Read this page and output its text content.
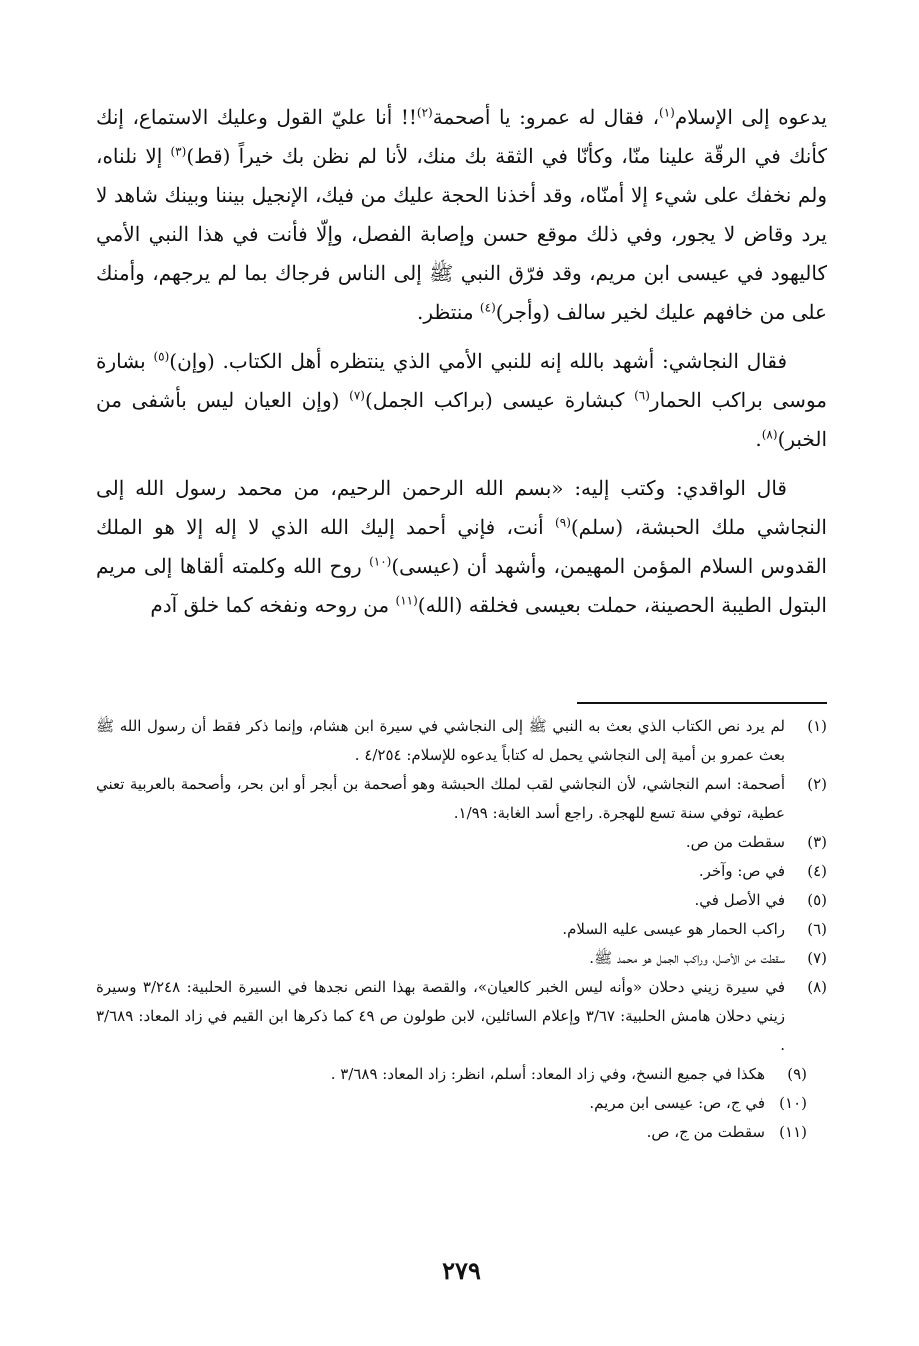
يدعوه إلى الإسلام$^{(١)}$، فقال له عمرو: يا أصحمة$^{(٢)}$!! أنا عليّ القول وعليك الاستماع، إنك كأنك في الرقّة علينا منّا، وكأنّا في الثقة بك منك، لأنا لم نظن بك خيراً (قط)$^{(٣)}$ إلا نلناه، ولم نخفك على شيء إلا أمنّاه، وقد أخذنا الحجة عليك من فيك، الإنجيل بيننا وبينك شاهد لا يرد وقاض لا يجور، وفي ذلك موقع حسن وإصابة الفصل، وإلّا فأنت في هذا النبي الأمي كاليهود في عيسى ابن مريم، وقد فرّق النبي ﷺ إلى الناس فرجاك بما لم يرجهم، وأمنك على من خافهم عليك لخير سالف (وأجر)$^{(٤)}$ منتظر.

فقال النجاشي: أشهد بالله إنه للنبي الأمي الذي ينتظره أهل الكتاب. (وإن)$^{(٥)}$ بشارة موسى براكب الحمار$^{(٦)}$ كبشارة عيسى (براكب الجمل)$^{(٧)}$ (وإن العيان ليس بأشفى من الخبر)$^{(٨)}$.

قال الواقدي: وكتب إليه: «بسم الله الرحمن الرحيم، من محمد رسول الله إلى النجاشي ملك الحبشة، (سلم)$^{(٩)}$ أنت، فإني أحمد إليك الله الذي لا إله إلا هو الملك القدوس السلام المؤمن المهيمن، وأشهد أن (عيسى)$^{(١٠)}$ روح الله وكلمته ألقاها إلى مريم البتول الطيبة الحصينة، حملت بعيسى فخلقه (الله)$^{(١١)}$ من روحه ونفخه كما خلق آدم

(١)
لم يرد نص الكتاب الذي بعث به النبي ﷺ إلى النجاشي في سيرة ابن هشام، وإنما ذكر فقط أن رسول الله ﷺ بعث عمرو بن أمية إلى النجاشي يحمل له كتاباً يدعوه للإسلام: ٤/٢٥٤ .
(٢)
أصحمة: اسم النجاشي، لأن النجاشي لقب لملك الحبشة وهو أصحمة بن أبجر أو ابن بحر، وأصحمة بالعربية تعني عطية، توفي سنة تسع للهجرة. راجع أسد الغابة: ١/٩٩.
(٣)
سقطت من ص.
(٤)
في ص: وآخر.
(٥)
في الأصل في.
(٦)
راكب الحمار هو عيسى عليه السلام.
(٧)
سقطت من الأصل، وراكب الجمل هو محمد ﷺ.
(٨)
في سيرة زيني دحلان «وأنه ليس الخبر كالعيان»، والقصة بهذا النص نجدها في السيرة الحلبية: ٣/٢٤٨ وسيرة زيني دحلان هامش الحلبية: ٣/٦٧ وإعلام السائلين، لابن طولون ص ٤٩ كما ذكرها ابن القيم في زاد المعاد: ٣/٦٨٩ .
(٩)
هكذا في جميع النسخ، وفي زاد المعاد: أسلم، انظر: زاد المعاد: ٣/٦٨٩ .
(١٠)
في ج، ص: عيسى ابن مريم.
(١١)
سقطت من ج، ص.
٢٧٩
